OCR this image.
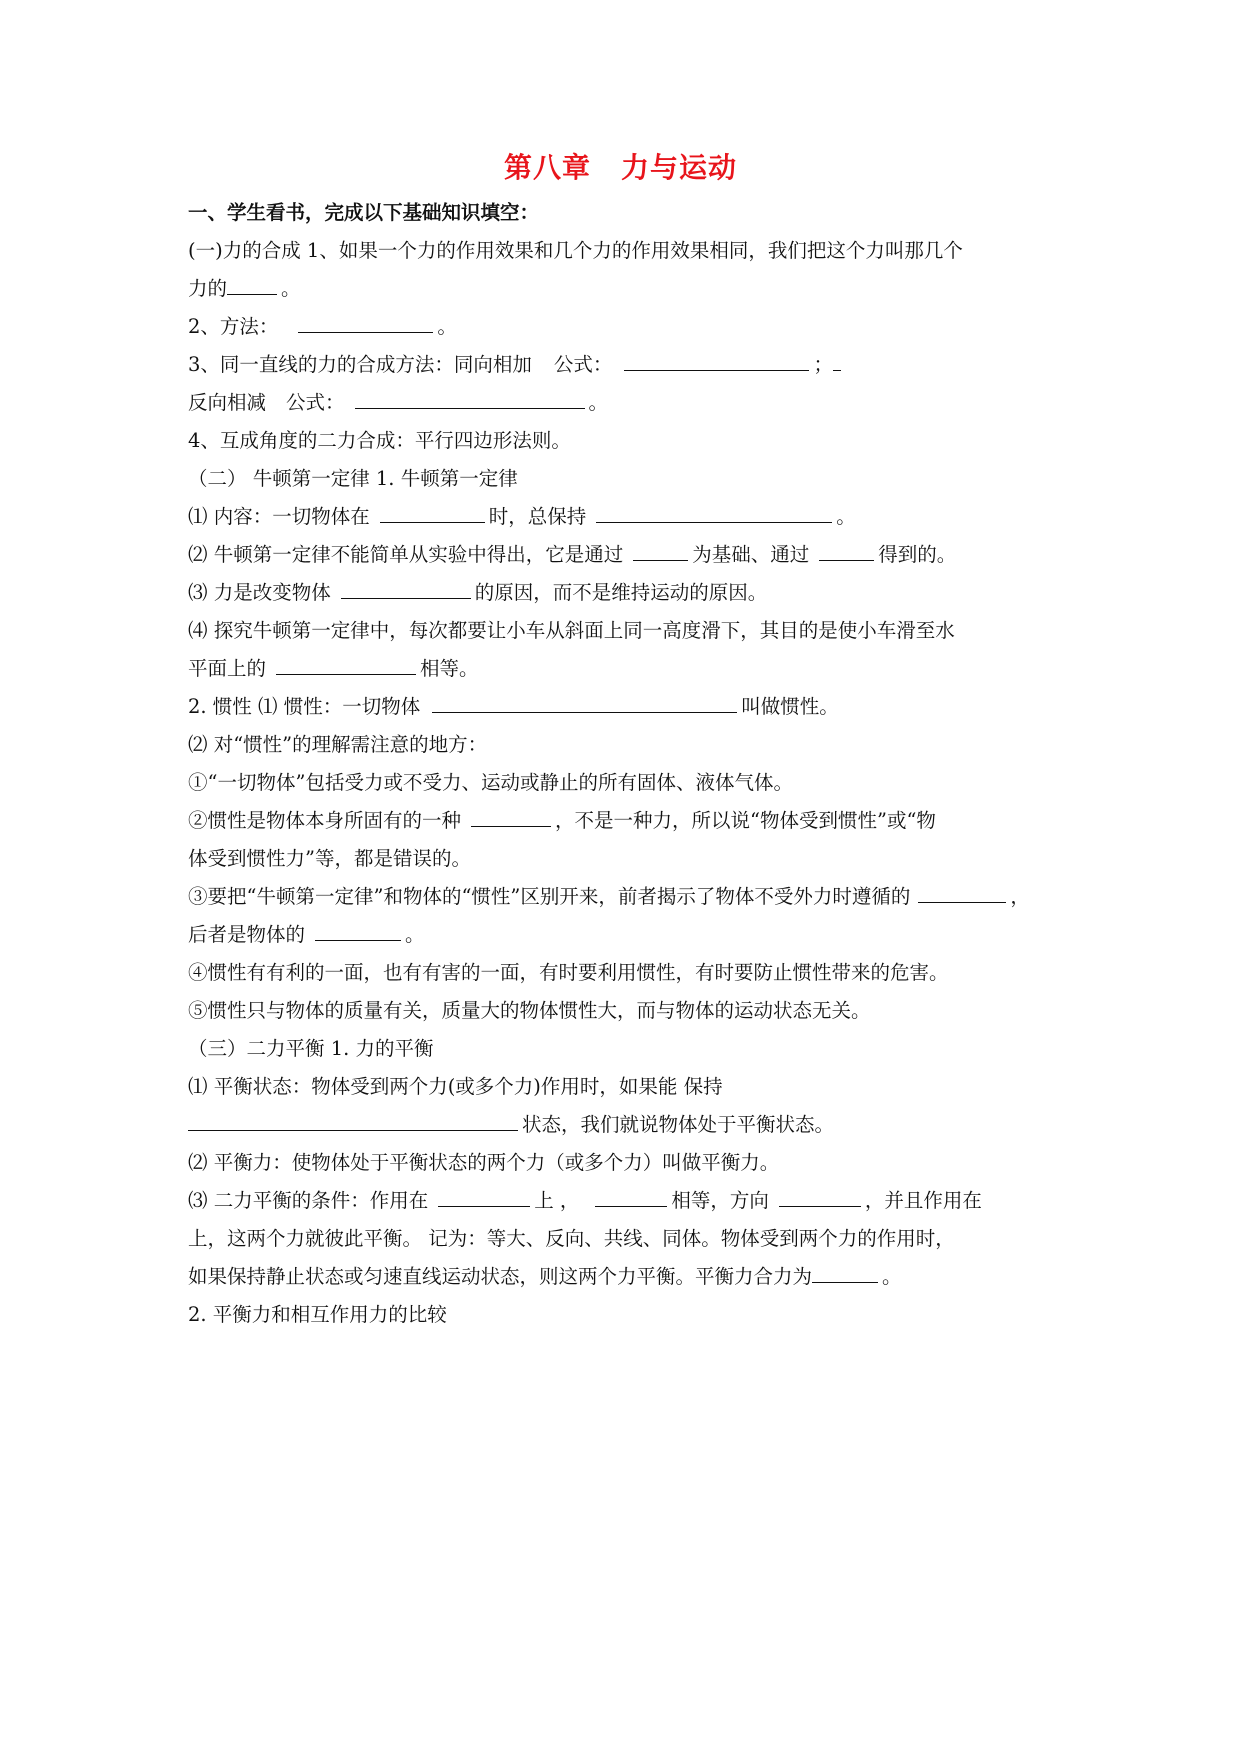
第八章 力与运动
一、学生看书，完成以下基础知识填空：
(一)力的合成 1、如果一个力的作用效果和几个力的作用效果相同，我们把这个力叫那几个
力的	。
2、方法：	。
3、同一直线的力的合成方法：同向相加 公式：	；
反向相减 公式：	。
4、互成角度的二力合成：平行四边形法则。
（二） 牛顿第一定律 1. 牛顿第一定律
⑴ 内容：一切物体在	时，总保持	。
⑵ 牛顿第一定律不能简单从实验中得出，它是通过	为基础、通过	得到的。
⑶ 力是改变物体	的原因，而不是维持运动的原因。
⑷ 探究牛顿第一定律中，每次都要让小车从斜面上同一高度滑下，其目的是使小车滑至水
平面上的	相等。
2. 惯性 ⑴ 惯性：一切物体	叫做惯性。
⑵ 对“惯性”的理解需注意的地方：
①“一切物体”包括受力或不受力、运动或静止的所有固体、液体气体。
②惯性是物体本身所固有的一种	，不是一种力，所以说“物体受到惯性”或“物
体受到惯性力”等，都是错误的。
③要把“牛顿第一定律”和物体的“惯性”区别开来，前者揭示了物体不受外力时遵循的	，
后者是物体的	。
④惯性有有利的一面，也有有害的一面，有时要利用惯性，有时要防止惯性带来的危害。
⑤惯性只与物体的质量有关，质量大的物体惯性大，而与物体的运动状态无关。
（三）二力平衡 1. 力的平衡
⑴ 平衡状态：物体受到两个力(或多个力)作用时，如果能 保持
状态，我们就说物体处于平衡状态。
⑵ 平衡力：使物体处于平衡状态的两个力（或多个力）叫做平衡力。
⑶ 二力平衡的条件：作用在	上 ，	相等，方向	，并且作用在
上，这两个力就彼此平衡。 记为：等大、反向、共线、同体。物体受到两个力的作用时，
如果保持静止状态或匀速直线运动状态，则这两个力平衡。平衡力合力为	。
2. 平衡力和相互作用力的比较
